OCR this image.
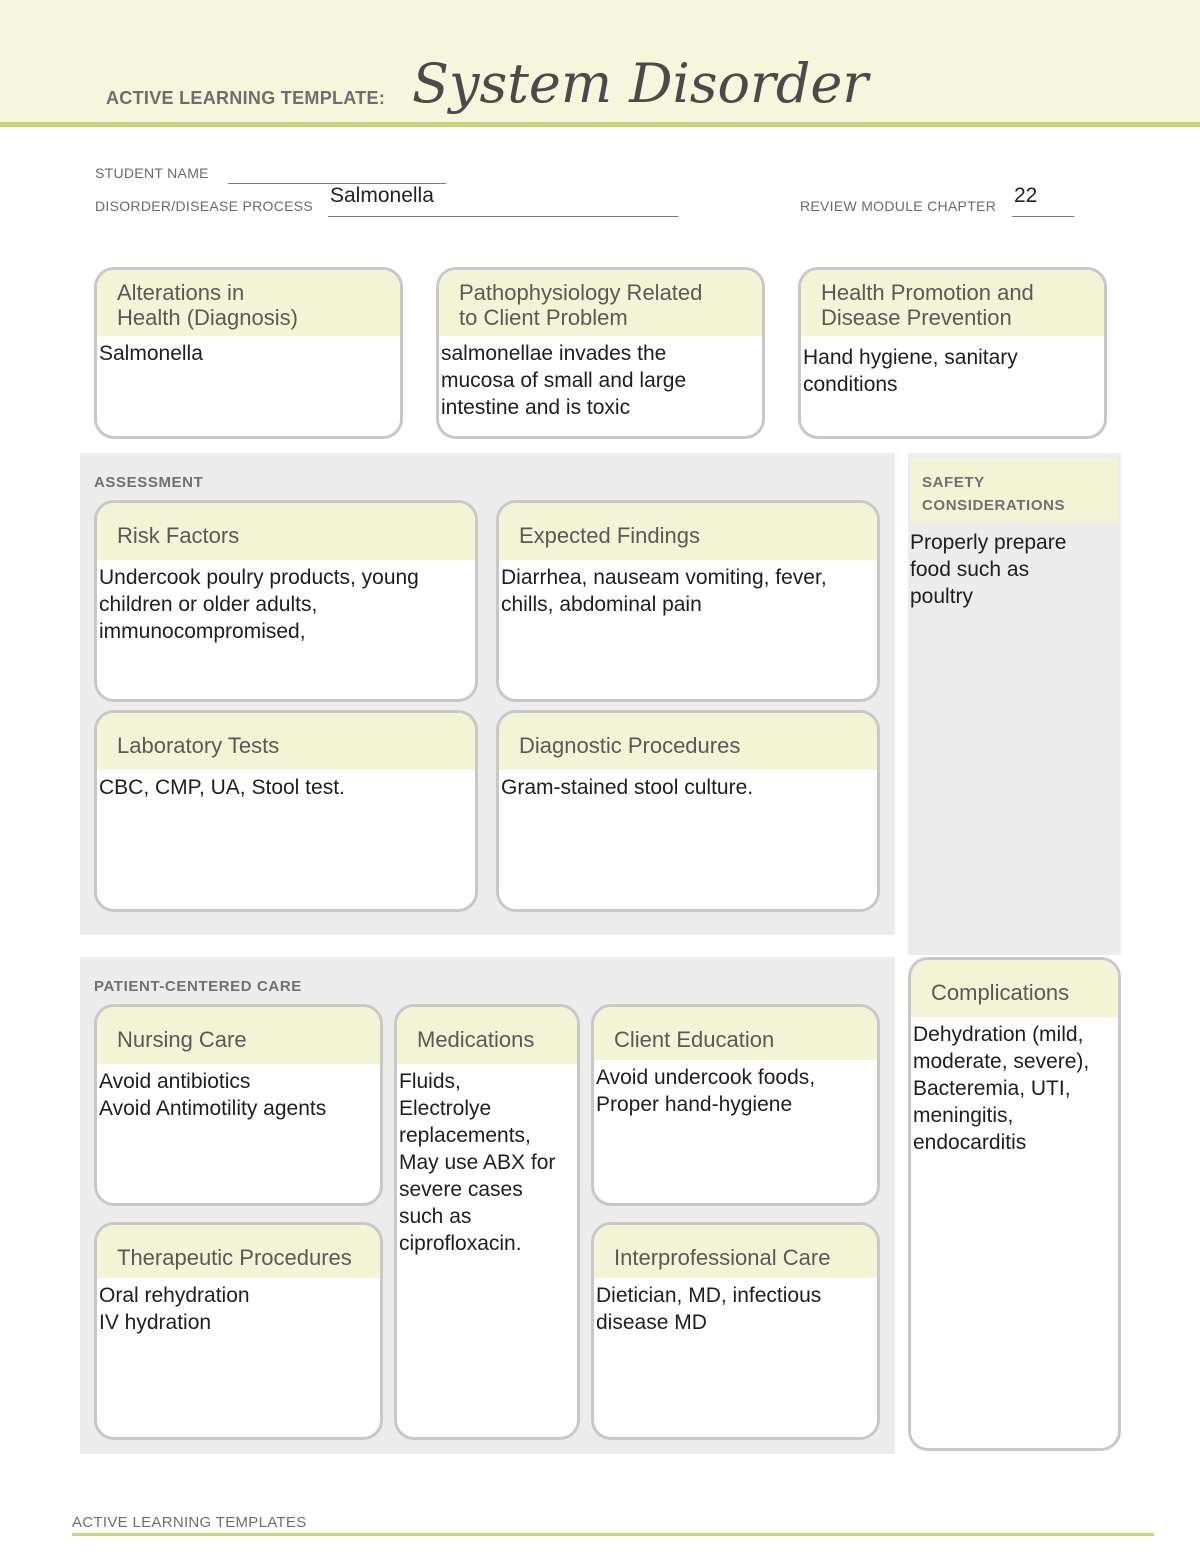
ACTIVE LEARNING TEMPLATE: System Disorder
STUDENT NAME ____________________________
DISORDER/DISEASE PROCESS _____________________________________________
Salmonella	REVIEW MODULE CHAPTER ________
22
Alterations in
Health (Diagnosis)
Salmonella
Pathophysiology Related
to Client Problem
salmonellae invades the
mucosa of small and large
intestine and is toxic
Health Promotion and
Disease Prevention
Hand hygiene, sanitary
conditions
ASSESSMENT
Risk Factors
Undercook poulry products, young
children or older adults,
immunocompromised,
Expected Findings
Diarrhea, nauseam vomiting, fever,
chills, abdominal pain
Laboratory Tests
CBC, CMP, UA, Stool test.
Diagnostic Procedures
Gram-stained stool culture.
SAFETY
CONSIDERATIONS
Properly prepare
food such as
poultry
PATIENT-CENTERED CARE
Nursing Care
Avoid antibiotics
Avoid Antimotility agents
Medications
Fluids,
Electrolye
replacements,
May use ABX for
severe cases
such as
ciprofloxacin.
Client Education
Avoid undercook foods,
Proper hand-hygiene
Therapeutic Procedures
Oral rehydration
IV hydration
Interprofessional Care
Dietician, MD, infectious
disease MD
Complications
Dehydration (mild,
moderate, severe),
Bacteremia, UTI,
meningitis,
endocarditis
ACTIVE LEARNING TEMPLATES
